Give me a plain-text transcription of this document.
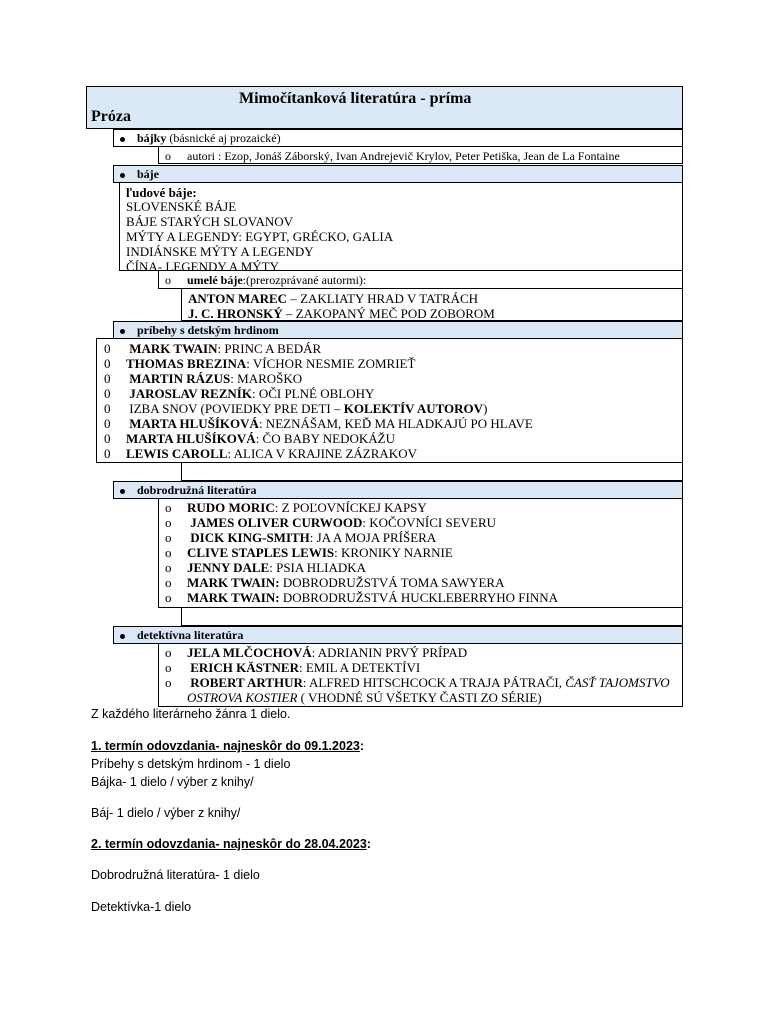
Mimočítanková literatúra - príma
Próza
bájky (básnické aj prozaické)
o autori : Ezop, Jonáš Záborský, Ivan Andrejevič Krylov, Peter Petiška, Jean de La Fontaine
báje
ľudové báje:
SLOVENSKÉ BÁJE
BÁJE STARÝCH SLOVANOV
MÝTY A LEGENDY: EGYPT, GRÉCKO, GALIA
INDIÁNSKE MÝTY A LEGENDY
ČÍNA- LEGENDY A MÝTY
o umelé báje:(prerozprávané autormi):
ANTON MAREC – ZAKLIATY HRAD V TATRÁCH
J. C. HRONSKÝ – ZAKOPANÝ MEČ POD ZOBOROM
príbehy s detským hrdinom
0 MARK TWAIN: PRINC A BEDÁR
0 THOMAS BREZINA: VÍCHOR NESMIE ZOMRIEŤ
0 MARTIN RÁZUS: MAROŠKO
0 JAROSLAV REZNÍK: OČI PLNÉ OBLOHY
0 IZBA SNOV (POVIEDKY PRE DETI – KOLEKTÍV AUTOROV)
0 MARTA HLUŠÍKOVÁ: NEZNÁŠAM, KEĎ MA HLADKAJÚ PO HLAVE
0 MARTA HLUŠÍKOVÁ: ČO BABY NEDOKÁŽU
0 LEWIS CAROLL: ALICA V KRAJINE ZÁZRAKOV
dobrodružná literatúra
o RUDO MORIC: Z POĽOVNÍCKEJ KAPSY
o JAMES OLIVER CURWOOD: KOČOVNÍCI SEVERU
o DICK KING-SMITH: JA A MOJA PRÍŠERA
o CLIVE STAPLES LEWIS: KRONIKY NARNIE
o JENNY DALE: PSIA HLIADKA
o MARK TWAIN: DOBRODRUŽSTVÁ TOMA SAWYERA
o MARK TWAIN: DOBRODRUŽSTVÁ HUCKLEBERRYHO FINNA
detektívna literatúra
o JELA MLČOCHOVÁ: ADRIANIN PRVÝ PRÍPAD
o ERICH KÄSTNER: EMIL A DETEKTÍVI
o ROBERT ARTHUR: ALFRED HITSCHCOCK A TRAJA PÁTRAČI, ČASŤ TAJOMSTVO
OSTROVA KOSTIER ( VHODNÉ SÚ VŠETKY ČASTI ZO SÉRIE)
Z každého literárneho žánra 1 dielo.
1. termín odovzdania- najneskôr do 09.1.2023:
Príbehy s detským hrdinom - 1 dielo
Bájka- 1 dielo / výber z knihy/
Báj- 1 dielo / výber z knihy/
2. termín odovzdania- najneskôr do 28.04.2023:
Dobrodružná literatúra- 1 dielo
Detektívka-1 dielo
